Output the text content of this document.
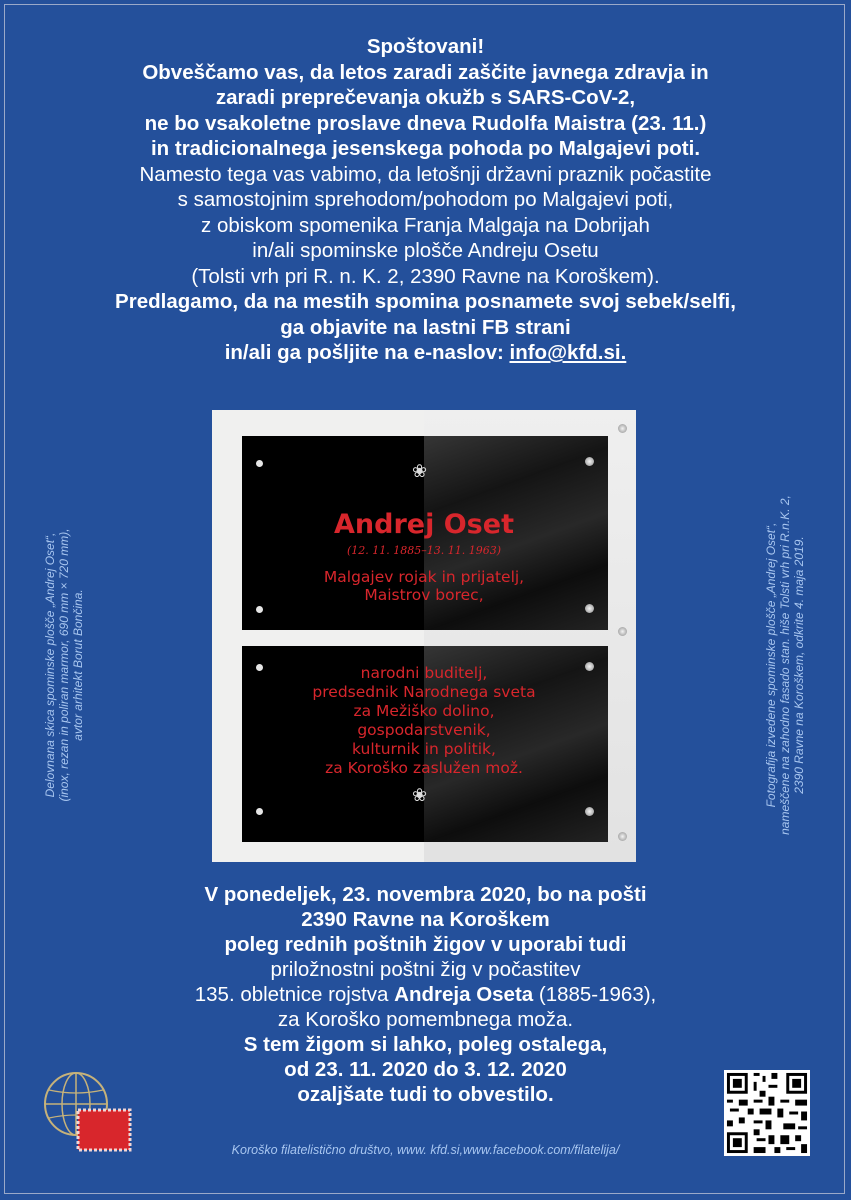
Spoštovani!
Obveščamo vas, da letos zaradi zaščite javnega zdravja in
zaradi preprečevanja okužb s SARS-CoV-2,
ne bo vsakoletne proslave dneva Rudolfa Maistra (23. 11.)
in tradicionalnega jesenskega pohoda po Malgajevi poti.
Namesto tega vas vabimo, da letošnji državni praznik počastite
s samostojnim sprehodom/pohodom po Malgajevi poti,
z obiskom spomenika Franja Malgaja na Dobrijah
in/ali spominske plošče Andreju Osetu
(Tolsti vrh pri R. n. K. 2, 2390 Ravne na Koroškem).
Predlagamo, da na mestih spomina posnamete svoj sebek/selfi,
ga objavite na lastni FB strani
in/ali ga pošljite na e-naslov: info@kfd.si.
Delovnana skica spominske plošče „Andrej Oset“, (inox, rezan in poliran marmor, 690 mm × 720 mm), avtor arhitekt Borut Bončina.	Fotografija izvedene spominske plošče „Andrej Oset“, nameščene na zahodno fasado stan. hiše Tolsti vrh pri R.n.K. 2, 2390 Ravne na Koroškem, odkrite 4. maja 2019.
❀
❀
Andrej Oset
(12. 11. 1885–13. 11. 1963)
Malgajev rojak in prijatelj,
Maistrov borec,
narodni buditelj,
predsednik Narodnega sveta
za Mežiško dolino,
gospodarstvenik,
kulturnik in politik,
za Koroško zaslužen mož.
V ponedeljek, 23. novembra 2020, bo na pošti
2390 Ravne na Koroškem
poleg rednih poštnih žigov v uporabi tudi
priložnostni poštni žig v počastitev
135. obletnice rojstva Andreja Oseta (1885-1963),
za Koroško pomembnega moža.
S tem žigom si lahko, poleg ostalega,
od 23. 11. 2020 do 3. 12. 2020
ozaljšate tudi to obvestilo.
Koroško filatelistično društvo, www. kfd.si,www.facebook.com/filatelija/
